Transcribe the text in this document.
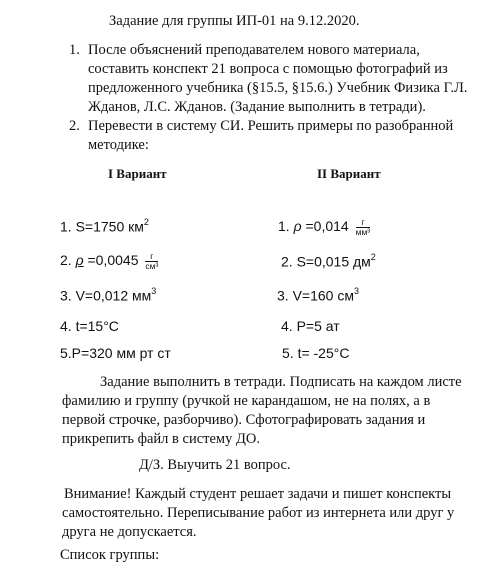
Задание для группы ИП-01 на 9.12.2020.
1. После объяснений преподавателем нового материала, составить конспект 21 вопроса с помощью фотографий из предложенного учебника (§15.5, §15.6.) Учебник Физика Г.Л. Жданов, Л.С. Жданов. (Задание выполнить в тетради).
2. Перевести в систему СИ. Решить примеры по разобранной методике:
I Вариант	II Вариант
1. S=1750 $км^2$
2. $\rho =0,0045 \frac{г}{\text{см³}}$
3. V=0,012 $мм^3$
4. t=15°C
5.P=320 мм рт ст
1. $\rho =0,014 \frac{г}{\text{мм³}}$
2. S=0,015 $дм^2$
3. V=160 $см^3$
4. P=5 ат
5. t= -25°C
Задание выполнить в тетради. Подписать на каждом листе фамилию и группу (ручкой не карандашом, не на полях, а в первой строчке, разборчиво). Сфотографировать задания и прикрепить файл в систему ДО.
Д/З. Выучить 21 вопрос.
Внимание! Каждый студент решает задачи и пишет конспекты самостоятельно. Переписывание работ из интернета или друг у друга не допускается.
Список группы:
